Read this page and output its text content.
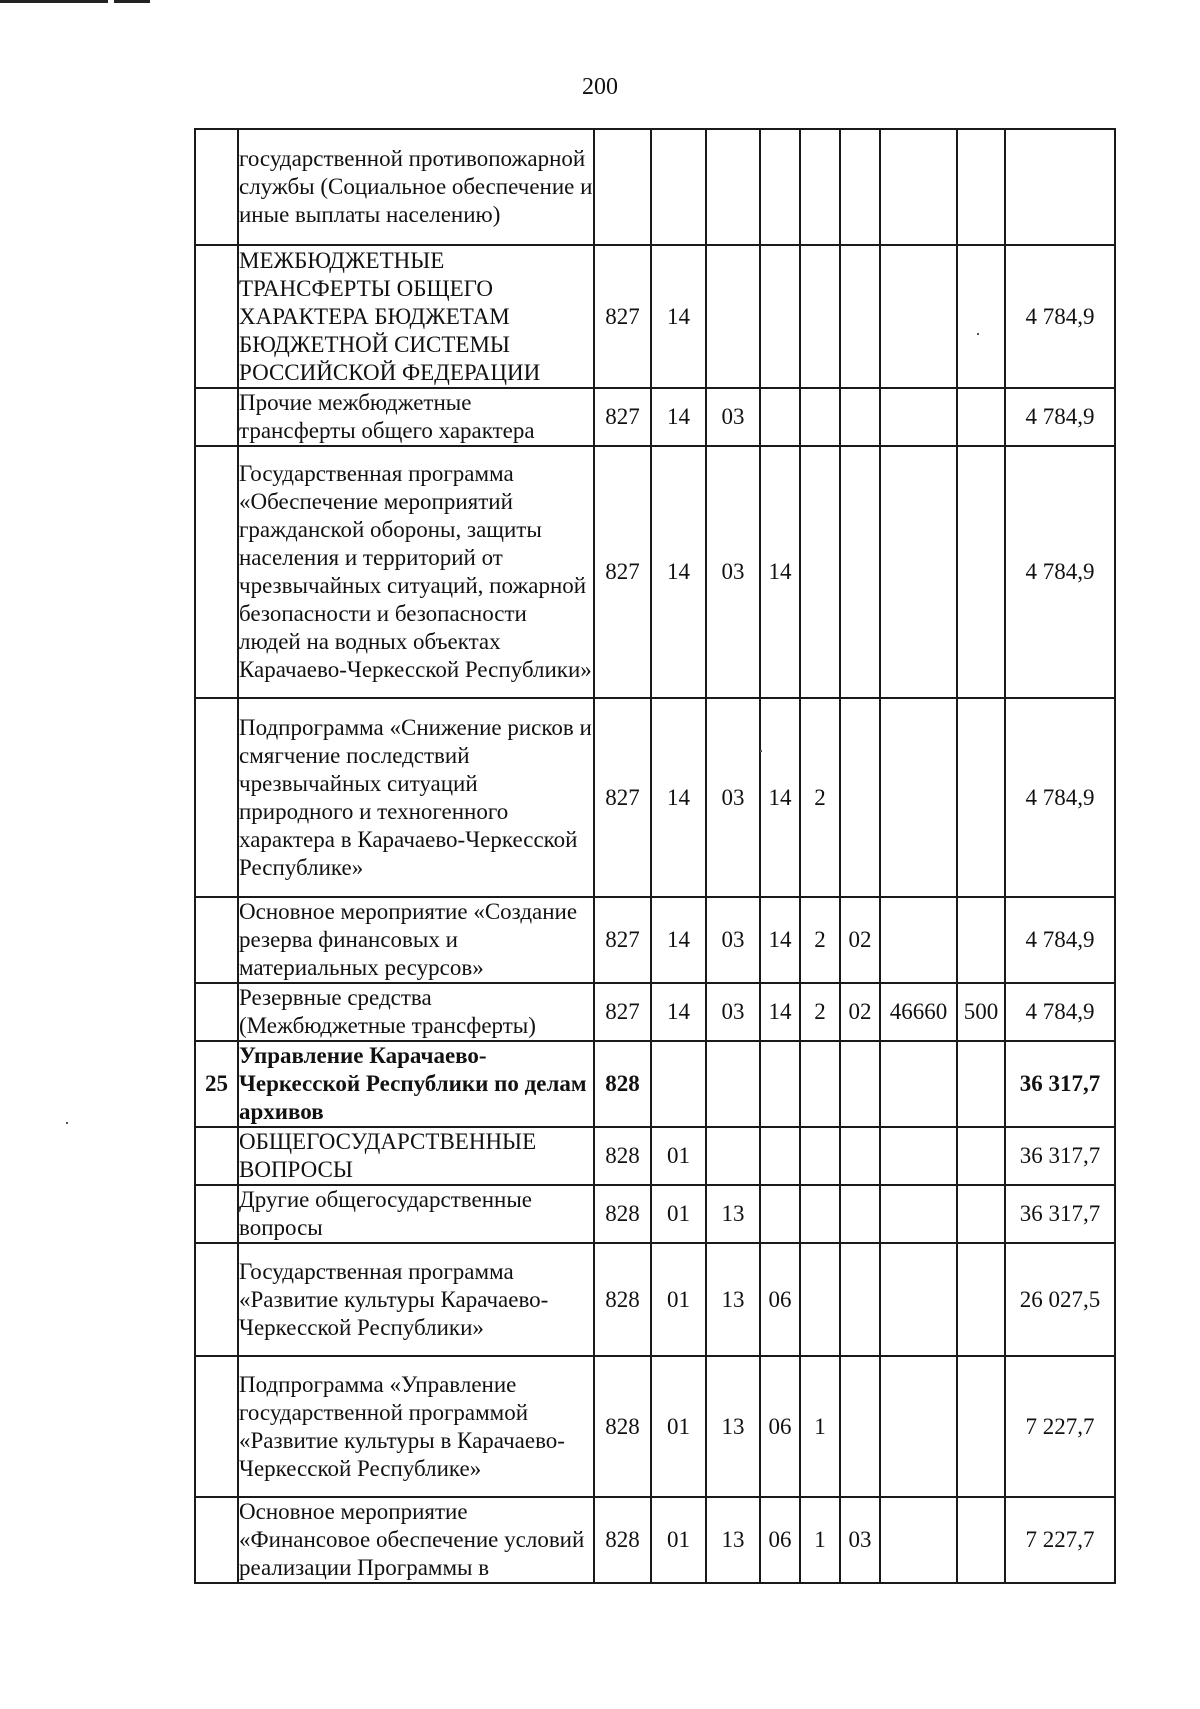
200
	государственной противопожарной службы (Социальное обеспечение и иные выплаты населению)									
	МЕЖБЮДЖЕТНЫЕ ТРАНСФЕРТЫ ОБЩЕГО ХАРАКТЕРА БЮДЖЕТАМ БЮДЖЕТНОЙ СИСТЕМЫ РОССИЙСКОЙ ФЕДЕРАЦИИ	827	14							4 784,9
	Прочие межбюджетные трансферты общего характера	827	14	03						4 784,9
	Государственная программа «Обеспечение мероприятий гражданской обороны, защиты населения и территорий от чрезвычайных ситуаций, пожарной безопасности и безопасности людей на водных объектах Карачаево-Черкесской Республики»	827	14	03	14					4 784,9
	Подпрограмма «Снижение рисков и смягчение последствий чрезвычайных ситуаций природного и техногенного характера в Карачаево-Черкесской Республике»	827	14	03	14	2				4 784,9
	Основное мероприятие «Создание резерва финансовых и материальных ресурсов»	827	14	03	14	2	02			4 784,9
	Резервные средства (Межбюджетные трансферты)	827	14	03	14	2	02	46660	500	4 784,9
25	Управление Карачаево-Черкесской Республики по делам архивов	828								36 317,7
	ОБЩЕГОСУДАРСТВЕННЫЕ ВОПРОСЫ	828	01							36 317,7
	Другие общегосударственные вопросы	828	01	13						36 317,7
	Государственная программа «Развитие культуры Карачаево-Черкесской Республики»	828	01	13	06					26 027,5
	Подпрограмма «Управление государственной программой «Развитие культуры в Карачаево-Черкесской Республике»	828	01	13	06	1				7 227,7
	Основное мероприятие «Финансовое обеспечение условий реализации Программы в	828	01	13	06	1	03			7 227,7
